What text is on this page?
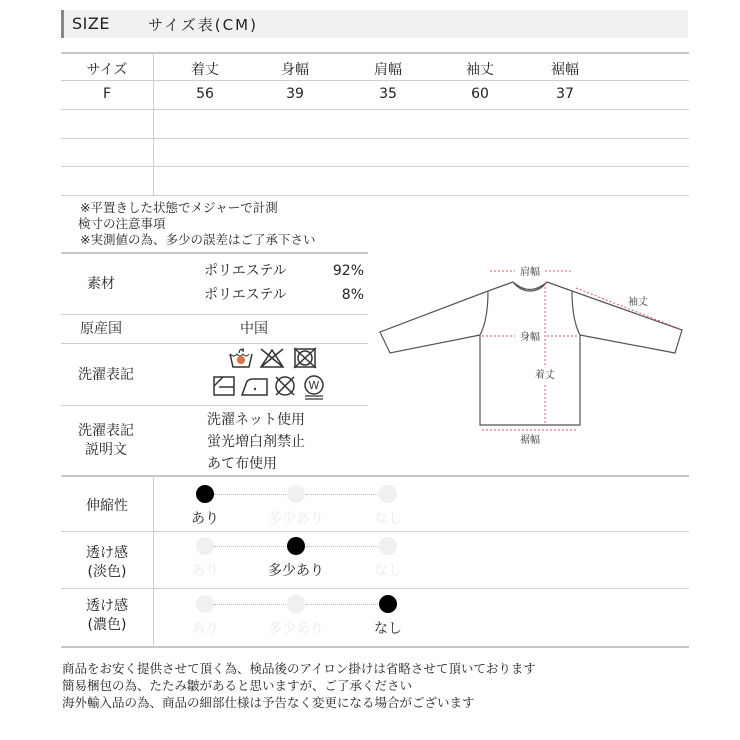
SIZE	サイズ表(CM)
サイズ	着丈	身幅	肩幅	袖丈	裾幅
F	56	39	35	60	37
※平置きした状態でメジャーで計測
検寸の注意事項
※実測値の為、多少の誤差はご了承下さい
素材
ポリエステル	92%
ポリエステル	8%
原産国	中国
洗濯表記
W
洗濯表記
説明文
洗濯ネット使用
蛍光増白剤禁止
あて布使用
肩幅
袖丈
身幅
着丈
裾幅
伸縮性
あり	多少あり	なし
透け感
(淡色)	あり	多少あり	なし
透け感
(濃色)	あり	多少あり	なし
商品をお安く提供させて頂く為、検品後のアイロン掛けは省略させて頂いております
簡易梱包の為、たたみ皺があると思いますが、ご了承ください
海外輸入品の為、商品の細部仕様は予告なく変更になる場合がございます
